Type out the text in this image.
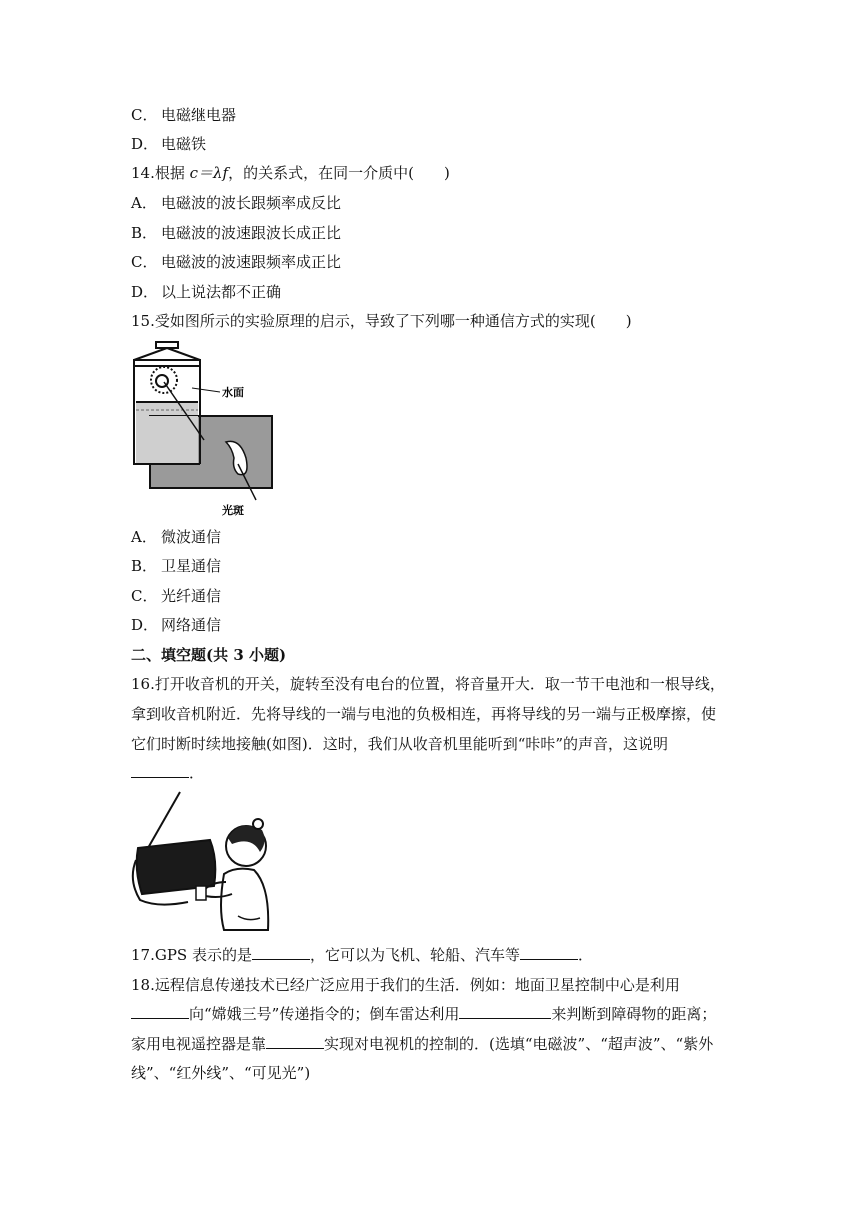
C． 电磁继电器
D． 电磁铁
14.根据 c＝λf，的关系式，在同一介质中(　　)
A． 电磁波的波长跟频率成反比
B． 电磁波的波速跟波长成正比
C． 电磁波的波速跟频率成正比
D． 以上说法都不正确
15.受如图所示的实验原理的启示，导致了下列哪一种通信方式的实现(　　)
水面
光斑
A． 微波通信
B． 卫星通信
C． 光纤通信
D． 网络通信
二、填空题(共 3 小题)
16.打开收音机的开关，旋转至没有电台的位置，将音量开大．取一节干电池和一根导线，
拿到收音机附近．先将导线的一端与电池的负极相连，再将导线的另一端与正极摩擦，使
它们时断时续地接触(如图)．这时，我们从收音机里能听到“咔咔”的声音，这说明
．
17.GPS 表示的是	，它可以为飞机、轮船、汽车等	．
18.远程信息传递技术已经广泛应用于我们的生活．例如：地面卫星控制中心是利用
向“嫦娥三号”传递指令的；倒车雷达利用	来判断到障碍物的距离；
家用电视遥控器是靠	实现对电视机的控制的．(选填“电磁波”、“超声波”、“紫外
线”、“红外线”、“可见光”)
